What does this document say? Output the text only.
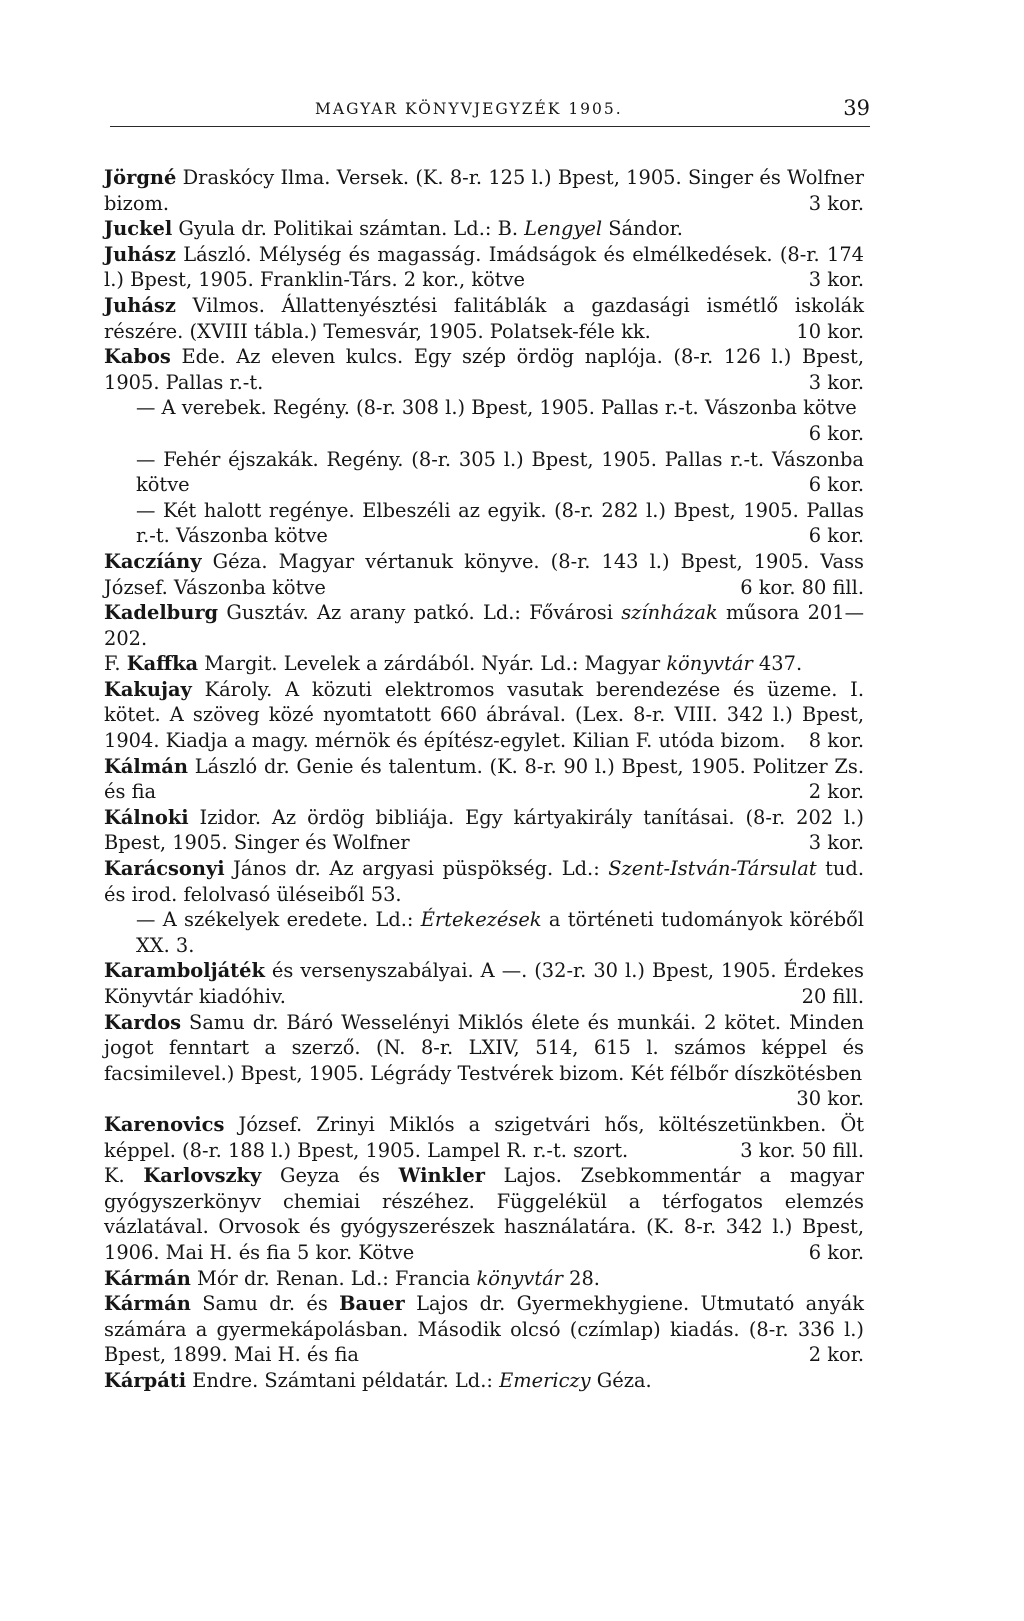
MAGYAR KÖNYVJEGYZÉK 1905.	39
Jörgné Draskócy Ilma. Versek. (K. 8-r. 125 l.) Bpest, 1905. Singer és Wolfner bizom.	3 kor.
Juckel Gyula dr. Politikai számtan. Ld.: B. Lengyel Sándor.
Juhász László. Mélység és magasság. Imádságok és elmélkedések. (8-r. 174 l.) Bpest, 1905. Franklin-Társ. 2 kor., kötve	3 kor.
Juhász Vilmos. Állattenyésztési falitáblák a gazdasági ismétlő iskolák részére. (XVIII tábla.) Temesvár, 1905. Polatsek-féle kk.	10 kor.
Kabos Ede. Az eleven kulcs. Egy szép ördög naplója. (8-r. 126 l.) Bpest, 1905. Pallas r.-t.	3 kor.
— A verebek. Regény. (8-r. 308 l.) Bpest, 1905. Pallas r.-t. Vászonba kötve
6 kor.
— Fehér éjszakák. Regény. (8-r. 305 l.) Bpest, 1905. Pallas r.-t. Vászonba kötve	6 kor.
— Két halott regénye. Elbeszéli az egyik. (8-r. 282 l.) Bpest, 1905. Pallas r.-t. Vászonba kötve	6 kor.
Kaczíány Géza. Magyar vértanuk könyve. (8-r. 143 l.) Bpest, 1905. Vass József. Vászonba kötve	6 kor. 80 fill.
Kadelburg Gusztáv. Az arany patkó. Ld.: Fővárosi színházak műsora 201—202.
F. Kaffka Margit. Levelek a zárdából. Nyár. Ld.: Magyar könyvtár 437.
Kakujay Károly. A közuti elektromos vasutak berendezése és üzeme. I. kötet. A szöveg közé nyomtatott 660 ábrával. (Lex. 8-r. VIII. 342 l.) Bpest, 1904. Kiadja a magy. mérnök és építész-egylet. Kilian F. utóda bizom. 8 kor.
Kálmán László dr. Genie és talentum. (K. 8-r. 90 l.) Bpest, 1905. Politzer Zs. és fia	2 kor.
Kálnoki Izidor. Az ördög bibliája. Egy kártyakirály tanításai. (8-r. 202 l.) Bpest, 1905. Singer és Wolfner	3 kor.
Karácsonyi János dr. Az argyasi püspökség. Ld.: Szent-István-Társulat tud. és irod. felolvasó üléseiből 53.
— A székelyek eredete. Ld.: Értekezések a történeti tudományok köréből XX. 3.
Karamboljáték és versenyszabályai. A —. (32-r. 30 l.) Bpest, 1905. Érdekes Könyvtár kiadóhiv.	20 fill.
Kardos Samu dr. Báró Wesselényi Miklós élete és munkái. 2 kötet. Minden jogot fenntart a szerző. (N. 8-r. LXIV, 514, 615 l. számos képpel és facsimilevel.) Bpest, 1905. Légrády Testvérek bizom. Két félbőr díszkötésben
30 kor.
Karenovics József. Zrinyi Miklós a szigetvári hős, költészetünkben. Öt képpel. (8-r. 188 l.) Bpest, 1905. Lampel R. r.-t. szort.	3 kor. 50 fill.
K. Karlovszky Geyza és Winkler Lajos. Zsebkommentár a magyar gyógyszerkönyv chemiai részéhez. Függelékül a térfogatos elemzés vázlatával. Orvosok és gyógyszerészek használatára. (K. 8-r. 342 l.) Bpest, 1906. Mai H. és fia 5 kor. Kötve	6 kor.
Kármán Mór dr. Renan. Ld.: Francia könyvtár 28.
Kármán Samu dr. és Bauer Lajos dr. Gyermekhygiene. Utmutató anyák számára a gyermekápolásban. Második olcsó (czímlap) kiadás. (8-r. 336 l.) Bpest, 1899. Mai H. és fia	2 kor.
Kárpáti Endre. Számtani példatár. Ld.: Emericzy Géza.
